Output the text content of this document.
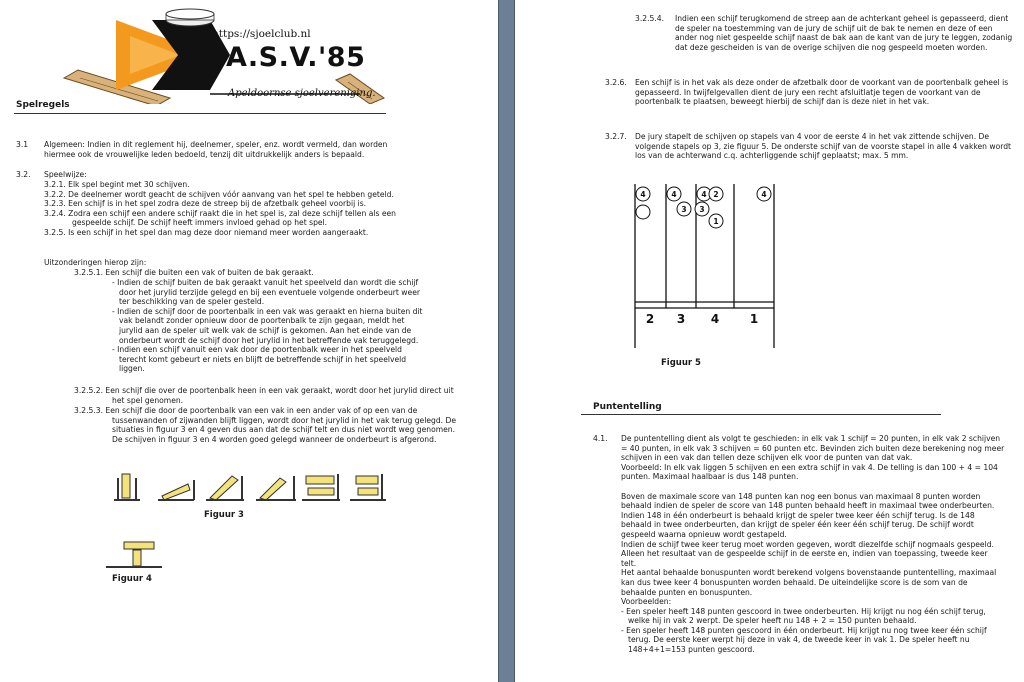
https://sjoelclub.nl
A.S.V.'85
Apeldoornse sjoelvereniging.
Spelregels
3.1 Algemeen: Indien in dit reglement hij, deelnemer, speler, enz. wordt vermeld, dan worden hiermee ook de vrouwelijke leden bedoeld, tenzij dit uitdrukkelijk anders is bepaald.
3.2. Speelwijze:
3.2.1. Elk spel begint met 30 schijven.
3.2.2. De deelnemer wordt geacht de schijven vóór aanvang van het spel te hebben geteld.
3.2.3. Een schijf is in het spel zodra deze de streep bij de afzetbalk geheel voorbij is.
3.2.4. Zodra een schijf een andere schijf raakt die in het spel is, zal deze schijf tellen als een gespeelde schijf. De schijf heeft immers invloed gehad op het spel.
3.2.5. Is een schijf in het spel dan mag deze door niemand meer worden aangeraakt.
Uitzonderingen hierop zijn:
3.2.5.1. Een schijf die buiten een vak of buiten de bak geraakt.
- Indien de schijf buiten de bak geraakt vanuit het speelveld dan wordt die schijf door het jurylid terzijde gelegd en bij een eventuele volgende onderbeurt weer ter beschikking van de speler gesteld.
- Indien de schijf door de poortenbalk in een vak was geraakt en hierna buiten dit vak belandt zonder opnieuw door de poortenbalk te zijn gegaan, meldt het jurylid aan de speler uit welk vak de schijf is gekomen. Aan het einde van de onderbeurt wordt de schijf door het jurylid in het betreffende vak teruggelegd.
- Indien een schijf vanuit een vak door de poortenbalk weer in het speelveld terecht komt gebeurt er niets en blijft de betreffende schijf in het speelveld liggen.
3.2.5.2. Een schijf die over de poortenbalk heen in een vak geraakt, wordt door het jurylid direct uit het spel genomen.
3.2.5.3. Een schijf die door de poortenbalk van een vak in een ander vak of op een van de tussenwanden of zijwanden blijft liggen, wordt door het jurylid in het vak terug gelegd. De situaties in figuur 3 en 4 geven dus aan dat de schijf telt en dus niet wordt weg genomen. De schijven in figuur 3 en 4 worden goed gelegd wanneer de onderbeurt is afgerond.
Figuur 3
Figuur 4
3.2.5.4. Indien een schijf terugkomend de streep aan de achterkant geheel is gepasseerd, dient de speler na toestemming van de jury de schijf uit de bak te nemen en deze of een ander nog niet gespeelde schijf naast de bak aan de kant van de jury te leggen, zodanig dat deze gescheiden is van de overige schijven die nog gespeeld moeten worden.
3.2.6. Een schijf is in het vak als deze onder de afzetbalk door de voorkant van de poortenbalk geheel is gepasseerd. In twijfelgevallen dient de jury een recht afsluitlatje tegen de voorkant van de poortenbalk te plaatsen, beweegt hierbij de schijf dan is deze niet in het vak.
3.2.7. De jury stapelt de schijven op stapels van 4 voor de eerste 4 in het vak zittende schijven. De volgende stapels op 3, zie figuur 5. De onderste schijf van de voorste stapel in alle 4 vakken wordt los van de achterwand c.q. achterliggende schijf geplaatst; max. 5 mm.
4	4
3 3
4 2
1
4
2 3 4	1
Figuur 5
Puntentelling
4.1. De puntentelling dient als volgt te geschieden: in elk vak 1 schijf = 20 punten, in elk vak 2 schijven = 40 punten, in elk vak 3 schijven = 60 punten etc. Bevinden zich buiten deze berekening nog meer schijven in een vak dan tellen deze schijven elk voor de punten van dat vak.
Voorbeeld: In elk vak liggen 5 schijven en een extra schijf in vak 4. De telling is dan 100 + 4 = 104 punten. Maximaal haalbaar is dus 148 punten.
Boven de maximale score van 148 punten kan nog een bonus van maximaal 8 punten worden behaald indien de speler de score van 148 punten behaald heeft in maximaal twee onderbeurten.
Indien 148 in één onderbeurt is behaald krijgt de speler twee keer één schijf terug. Is de 148 behaald in twee onderbeurten, dan krijgt de speler één keer één schijf terug. De schijf wordt gespeeld waarna opnieuw wordt gestapeld.
Indien de schijf twee keer terug moet worden gegeven, wordt diezelfde schijf nogmaals gespeeld. Alleen het resultaat van de gespeelde schijf in de eerste en, indien van toepassing, tweede keer telt.
Het aantal behaalde bonuspunten wordt berekend volgens bovenstaande puntentelling, maximaal kan dus twee keer 4 bonuspunten worden behaald. De uiteindelijke score is de som van de behaalde punten en bonuspunten.
Voorbeelden:
- Een speler heeft 148 punten gescoord in twee onderbeurten. Hij krijgt nu nog één schijf terug, welke hij in vak 2 werpt. De speler heeft nu 148 + 2 = 150 punten behaald.
- Een speler heeft 148 punten gescoord in één onderbeurt. Hij krijgt nu nog twee keer één schijf terug. De eerste keer werpt hij deze in vak 4, de tweede keer in vak 1. De speler heeft nu 148+4+1=153 punten gescoord.
